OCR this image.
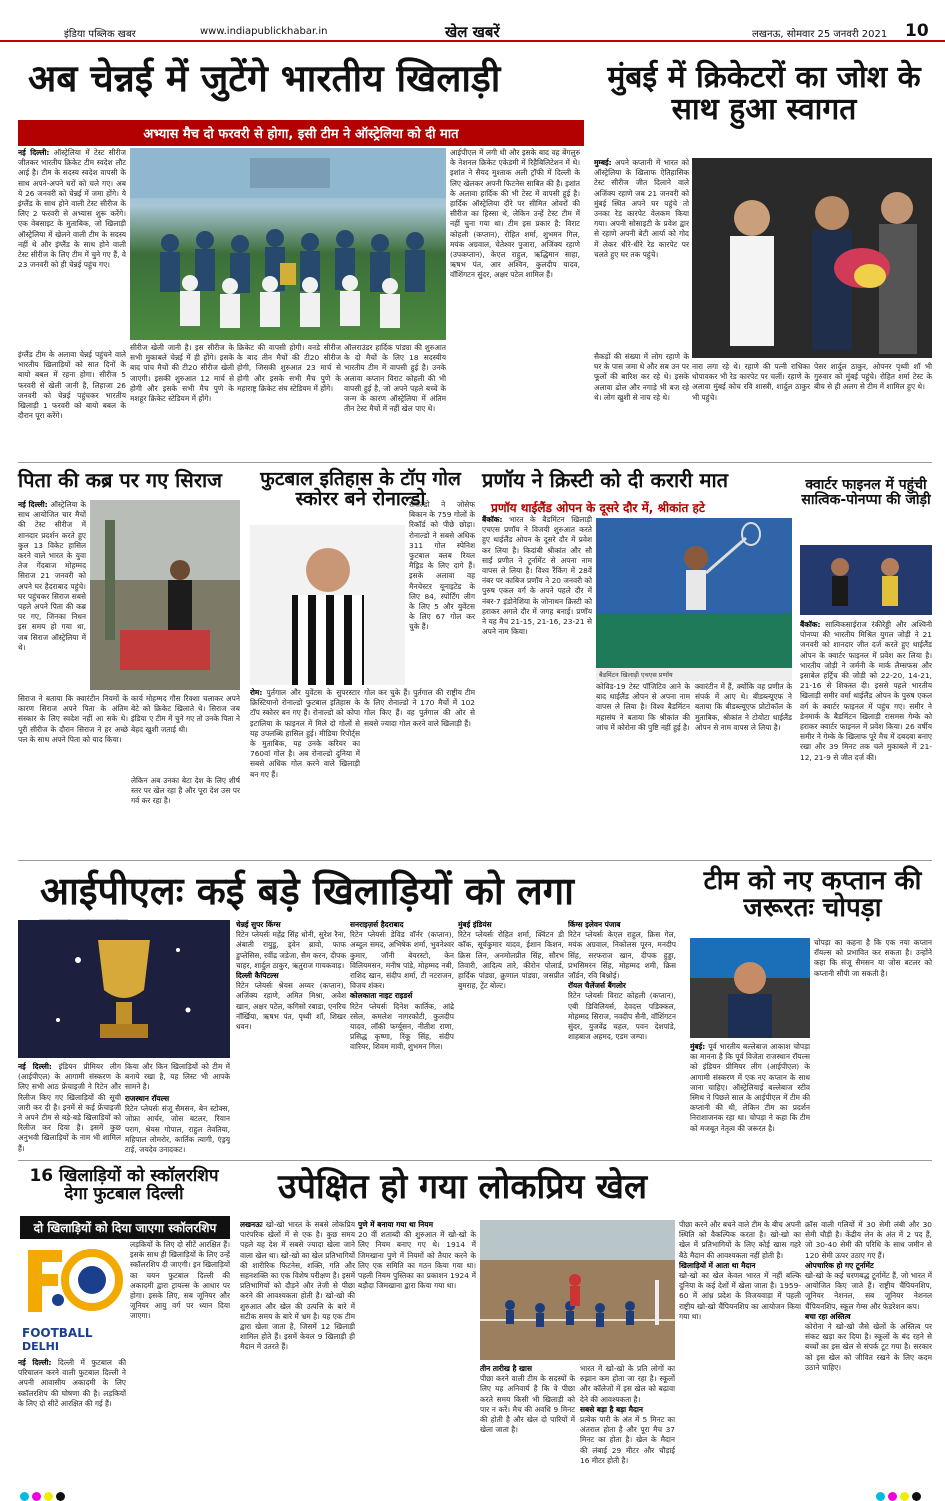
इंडिया पब्लिक खबर	www.indiapublickhabar.in	खेल खबरें	लखनऊ, सोमवार 25 जनवरी 2021 10
अब चेन्नई में जुटेंगे भारतीय खिलाड़ी
अभ्यास मैच दो फरवरी से होगा, इसी टीम ने ऑस्ट्रेलिया को दी मात
नई दिल्ली: ऑस्ट्रेलिया में टेस्ट सीरीज जीतकर भारतीय क्रिकेट टीम स्वदेश लौट आई है। टीम के सदस्य स्वदेश वापसी के साथ अपने-अपने घरों को चले गए। अब ये 26 जनवरी को चेन्नई में जमा होंगे। ये इंग्लैंड के साथ होने वाली टेस्ट सीरीज के लिए 2 फरवरी से अभ्यास शुरू करेंगे। एक वेबसाइट के मुताबिक, जो खिलाड़ी ऑस्ट्रेलिया में खेलने वाली टीम के सदस्य नहीं थे और इंग्लैंड के साथ होने वाली टेस्ट सीरीज के लिए टीम में चुने गए हैं, वे 23 जनवरी को ही चेन्नई पहुंच गए।
इंग्लैंड टीम के अलावा चेन्नई पहुंचने वाले भारतीय खिलाड़ियों को सात दिनों के बायो बबल में रहना होगा। सीरीज 5 फरवरी से खेली जानी है, लिहाजा 26 जनवरी को चेन्नई पहुंचकर भारतीय खिलाड़ी 1 फरवरी को बायो बबल के दौरान पूरा करेंगे।
सीरीज खेली जानी है। इस सीरीज के सभी मुकाबले चेन्नई में ही होंगे। इसके बाद पांच मैचों की टी20 सीरीज खेली जाएगी। इसकी शुरुआत 12 मार्च से होगी और इसके सभी मैच पुणे के मशहूर क्रिकेट स्टेडियम में होंगे।
क्रिकेट की वापसी होगी। वनडे सीरीज के बाद तीन मैचों की टी20 सीरीज होगी, जिसकी शुरुआत 23 मार्च से होगी और इसके सभी मैच पुणे के महाराष्ट्र क्रिकेट संघ स्टेडियम में होंगे।
ऑलराउंडर हार्दिक पांड्या की शुरुआत के दो मैचों के लिए 18 सदस्यीय भारतीय टीम में वापसी हुई है। उनके अलावा कप्तान विराट कोहली की भी वापसी हुई है, जो अपने पहले बच्चे के जन्म के कारण ऑस्ट्रेलिया में अंतिम तीन टेस्ट मैचों में नहीं खेल पाए थे।
आईपीएल में लगी थी और इसके बाद वह बेंगलुरु के नेशनल क्रिकेट एकेडमी में रिहैबिलिटेशन में थे। इशांत ने सैयद मुश्ताक अली ट्रॉफी में दिल्ली के लिए खेलकर अपनी फिटनेस साबित की है। इशांत के अलावा हार्दिक की भी टेस्ट में वापसी हुई है। हार्दिक ऑस्ट्रेलिया दौरे पर सीमित ओवरों की सीरीज का हिस्सा थे, लेकिन उन्हें टेस्ट टीम में नहीं चुना गया था। टीम इस प्रकार है: विराट कोहली (कप्तान), रोहित शर्मा, शुभमन गिल, मयंक अग्रवाल, चेतेश्वर पुजारा, अजिंक्य रहाणे (उपकप्तान), केएल राहुल, ऋद्धिमान साहा, ऋषभ पंत, आर अश्विन, कुलदीप यादव, वॉशिंगटन सुंदर, अक्षर पटेल शामिल हैं।
मुंबई में क्रिकेटरों का जोश के साथ हुआ स्वागत
मुम्बई: अपने कप्तानी में भारत को ऑस्ट्रेलिया के खिलाफ ऐतिहासिक टेस्ट सीरीज जीत दिलाने वाले अजिंक्य रहाणे जब 21 जनवरी को मुंबई स्थित अपने घर पहुंचे तो उनका रेड कारपेट वेलकम किया गया। अपनी सोसाइटी के प्रवेश द्वार से रहाणे अपनी बेटी आर्या को गोद में लेकर धीरे-धीरे रेड कारपेट पर चलते हुए घर तक पहुंचे।
सैकड़ों की संख्या में लोग रहाणे के घर के पास जमा थे और सब उन पर फूलों की बारिश कर रहे थे। इसके अलावा ढोल और नगाड़े भी बज रहे थे। लोग खुशी से नाच रहे थे।
नारा लगा रहे थे। रहाणे की पत्नी राधिका धोपावकर भी रेड कारपेट पर चलीं। रहाणे के अलावा मुंबई कोच रवि शास्त्री, शार्दुल ठाकुर भी पहुंचे।
पेसर शार्दुल ठाकुर, ओपनर पृथ्वी शॉ भी गुरुवार को मुंबई पहुंचे। रोहित शर्मा टेस्ट के बीच से ही अलग से टीम में शामिल हुए थे।
पिता की कब्र पर गए सिराज
नई दिल्ली: ऑस्ट्रेलिया के साथ आयोजित चार मैचों की टेस्ट सीरीज में शानदार प्रदर्शन करते हुए कुल 13 विकेट हासिल करने वाले भारत के युवा तेज गेंदबाज मोहम्मद सिराज 21 जनवरी को अपने घर हैदराबाद पहुंचे। घर पहुंचकर सिराज सबसे पहले अपने पिता की कब्र पर गए, जिनका निधन इस समय हो गया था, जब सिराज ऑस्ट्रेलिया में थे।
सिराज ने बताया कि क्वारंटीन नियमों के कारण सिराज अपने पिता के अंतिम संस्कार के लिए स्वदेश नहीं आ सके थे। पूरी सीरीज के दौरान सिराज ने हर अच्छे पल के साथ अपने पिता को याद किया।
कार्य मोहम्मद गौस रिक्शा चलाकर अपने बेटे को क्रिकेट खिलाते थे। सिराज जब इंडिया ए टीम में चुने गए तो उनके पिता ने बेहद खुशी जताई थी।
लेकिन अब उनका बेटा देश के लिए शीर्ष स्तर पर खेल रहा है और पूरा देश उस पर गर्व कर रहा है।
फुटबाल इतिहास के टॉप गोल स्कोरर बने रोनाल्डो
रोनाल्डो ने जोसेफ बिकान के 759 गोलों के रिकॉर्ड को पीछे छोड़ा। रोनाल्डो ने सबसे अधिक 311 गोल स्पेनिश फुटबाल क्लब रियल मैड्रिड के लिए दागे हैं। इसके अलावा वह मैनचेस्टर यूनाइटेड के लिए 84, स्पोर्टिंग लीग के लिए 5 और युवेंटस के लिए 67 गोल कर चुके हैं।
रोम: पुर्तगाल और युवेंटस के सुपरस्टार क्रिस्टियानो रोनाल्डो फुटबाल इतिहास के टॉप स्कोरर बन गए हैं। रोनाल्डो को कोपा इटालिया के फाइनल में मिले दो गोलों से यह उपलब्धि हासिल हुई। मीडिया रिपोर्ट्स के मुताबिक, यह उनके करियर का 760वां गोल है। अब रोनाल्डो दुनिया में सबसे अधिक गोल करने वाले खिलाड़ी बन गए हैं।
गोल कर चुके हैं। पुर्तगाल की राष्ट्रीय टीम के लिए रोनाल्डो ने 170 मैचों में 102 गोल किए हैं। वह पुर्तगाल की ओर से सबसे ज्यादा गोल करने वाले खिलाड़ी हैं।
प्रणॉय ने क्रिस्टी को दी करारी मात
प्रणॉय थाईलैंड ओपन के दूसरे दौर में, श्रीकांत हटे
बैंकॉक: भारत के बैडमिंटन खिलाड़ी एचएस प्रणॉय ने विजयी शुरुआत करते हुए थाईलैंड ओपन के दूसरे दौर में प्रवेश कर लिया है। किदांबी श्रीकांत और सौ साईं प्रणीत ने टूर्नामेंट से अपना नाम वापस ले लिया है। विश्व रैंकिंग में 28वें नंबर पर काबिज प्रणॉय ने 20 जनवरी को पुरुष एकल वर्ग के अपने पहले दौर में नंबर-7 इंडोनेशिया के जोनाथन क्रिस्टी को हराकर अगले दौर में जगह बनाई। प्रणॉय ने यह मैच 21-15, 21-16, 23-21 से अपने नाम किया।
बैडमिंटन खिलाड़ी एचएस प्रणॉय
कोविड-19 टेस्ट पॉजिटिव आने के बाद थाईलैंड ओपन से अपना नाम वापस ले लिया है। विश्व बैडमिंटन महासंघ ने बताया कि श्रीकांत की जांच में कोरोना की पुष्टि नहीं हुई है।
क्वारंटीन में हैं, क्योंकि वह प्रणीत के संपर्क में आए थे। बीडब्ल्यूएफ ने बताया कि बीडब्ल्यूएफ प्रोटोकॉल के मुताबिक, श्रीकांत ने टोयोटा थाईलैंड ओपन से नाम वापस ले लिया है।
क्वार्टर फाइनल में पहुंची सात्विक-पोनप्पा की जोड़ी
बैंकॉक: सात्विकसाईराज रंकीरेड्डी और अश्विनी पोनप्पा की भारतीय मिश्रित युगल जोड़ी ने 21 जनवरी को शानदार जीत दर्ज करते हुए थाईलैंड ओपन के क्वार्टर फाइनल में प्रवेश कर लिया है। भारतीय जोड़ी ने जर्मनी के मार्क लैम्सफस और इसाबेल हर्ट्रिच की जोड़ी को 22-20, 14-21, 21-16 से शिकस्त दी। इससे पहले भारतीय खिलाड़ी समीर वर्मा थाईलैंड ओपन के पुरुष एकल वर्ग के क्वार्टर फाइनल में पहुंच गए। समीर ने डेनमार्क के बैडमिंटन खिलाड़ी रासमस गेम्के को हराकर क्वार्टर फाइनल में प्रवेश किया। 26 वर्षीय समीर ने गेम्के के खिलाफ पूरे मैच में दबदबा बनाए रखा और 39 मिनट तक चले मुकाबले में 21-12, 21-9 से जीत दर्ज की।
आईपीएलः कई बड़े खिलाड़ियों को लगा
नई दिल्ली: इंडियन प्रीमियर लीग (आईपीएल) के आगामी संस्करण के लिए सभी आठ फ्रेंचाइजी ने रिटेन और रिलीज किए गए खिलाड़ियों की सूची जारी कर दी है। इनमें से कई फ्रेंचाइजी ने अपने टीम से बड़े-बड़े खिलाड़ियों को रिलीज कर दिया है। इसमें कुछ अनुभवी खिलाड़ियों के नाम भी शामिल हैं।
किया और किन खिलाड़ियों को टीम में बनाये रखा है, यह लिस्ट भी आपके सामने है।
राजस्थान रॉयल्स
रिटेन प्लेयर्सः संजू सैमसन, बेन स्टोक्स, जोफ्रा आर्चर, जोस बटलर, रियान पराग, श्रेयस गोपाल, राहुल तेवतिया, महिपाल लोमरोर, कार्तिक त्यागी, एंड्रयू टाई, जयदेव उनादकट।
चेन्नई सुपर किंग्स
रिटेन प्लेयर्सः महेंद्र सिंह धोनी, सुरेश रैना, अंबाती रायुडू, ड्वेन ब्रावो, फाफ डुप्लेसिस, रवींद्र जडेजा, सैम करन, दीपक चाहर, शार्दुल ठाकुर, ऋतुराज गायकवाड़।
दिल्ली कैपिटल्स
रिटेन प्लेयर्सः श्रेयस अय्यर (कप्तान), अजिंक्य रहाणे, अमित मिश्रा, अवेश खान, अक्षर पटेल, कगिसो रबाडा, एनरिच नॉर्खिया, ऋषभ पंत, पृथ्वी शॉ, शिखर धवन।
सनराइज़र्स हैदराबाद
रिटेन प्लेयर्सः डेविड वॉर्नर (कप्तान), अब्दुल समद, अभिषेक शर्मा, भुवनेश्वर कुमार, जॉनी बेयरस्टो, केन विलियमसन, मनीष पांडे, मोहम्मद नबी, राशिद खान, संदीप शर्मा, टी नटराजन, विजय शंकर।
कोलकाता नाइट राइडर्स
रिटेन प्लेयर्सः दिनेश कार्तिक, आंद्रे रसेल, कमलेश नागरकोटी, कुलदीप यादव, लॉकी फर्ग्यूसन, नीतीश राणा, प्रसिद्ध कृष्णा, रिंकू सिंह, संदीप वारियर, शिवम मावी, शुभमन गिल।
मुंबई इंडियंस
रिटेन प्लेयर्सः रोहित शर्मा, क्विंटन डी कॉक, सूर्यकुमार यादव, ईशान किशन, क्रिस लिन, अनमोलप्रीत सिंह, सौरभ तिवारी, आदित्य तारे, कीरोन पोलार्ड, हार्दिक पांड्या, क्रुणाल पांड्या, जसप्रीत बुमराह, ट्रेंट बोल्ट।
किंग्स इलेवन पंजाब
रिटेन प्लेयर्सः केएल राहुल, क्रिस गेल, मयंक अग्रवाल, निकोलस पूरन, मनदीप सिंह, सरफराज खान, दीपक हुड्डा, प्रभसिमरन सिंह, मोहम्मद शमी, क्रिस जॉर्डन, रवि बिश्नोई।
रॉयल चैलेंजर्स बैंगलोर
रिटेन प्लेयर्सः विराट कोहली (कप्तान), एबी डिविलियर्स, देवदत्त पडिक्कल, मोहम्मद सिराज, नवदीप सैनी, वॉशिंगटन सुंदर, युजवेंद्र चहल, पवन देशपांडे, शाहबाज अहमद, एडम जम्पा।
टीम को नए कप्तान की जरूरतः चोपड़ा
चोपड़ा का कहना है कि एक नया कप्तान रॉयल्स को प्रभावित कर सकता है। उन्होंने कहा कि संजू सैमसन या जोस बटलर को कप्तानी सौंपी जा सकती है।
मुंबई: पूर्व भारतीय बल्लेबाज आकाश चोपड़ा का मानना है कि पूर्व विजेता राजस्थान रॉयल्स को इंडियन प्रीमियर लीग (आईपीएल) के आगामी संस्करण में एक नए कप्तान के साथ जाना चाहिए। ऑस्ट्रेलियाई बल्लेबाज स्टीव स्मिथ ने पिछले साल के आईपीएल में टीम की कप्तानी की थी, लेकिन टीम का प्रदर्शन निराशाजनक रहा था। चोपड़ा ने कहा कि टीम को मजबूत नेतृत्व की जरूरत है।
16 खिलाड़ियों को स्कॉलरशिप देगा फुटबाल दिल्ली
दो खिलाड़ियों को दिया जाएगा स्कॉलरशिप
FOOTBALL
DELHI
लड़कियों के लिए दो सीटें आरक्षित हैं। इसके साथ ही खिलाड़ियों के लिए उन्हें स्कॉलरशिप दी जाएगी। इन खिलाड़ियों का चयन फुटबाल दिल्ली की अकादमी द्वारा ट्रायल्स के आधार पर होगा। इसके लिए, सब जूनियर और जूनियर आयु वर्ग पर ध्यान दिया जाएगा।
नई दिल्ली: दिल्ली में फुटबाल की परिचालन करने वाली फुटबाल दिल्ली ने अपनी आवासीय अकादमी के लिए स्कॉलरशिप की घोषणा की है। लड़कियों के लिए दो सीटें आरक्षित की गई हैं।
उपेक्षित हो गया लोकप्रिय खेल
लखनऊः खो-खो भारत के सबसे लोकप्रिय पारंपरिक खेलों में से एक है। कुछ समय पहले यह देश में सबसे ज्यादा खेला जाने वाला खेल था। खो-खो का खेल प्रतिभागियों की शारीरिक फिटनेस, शक्ति, गति और सहनशक्ति का एक विशेष परीक्षण है। इसमें प्रतिभागियों को दौड़ने और तेजी से पीछा करने की आवश्यकता होती है। खो-खो की शुरुआत और खेल की उत्पत्ति के बारे में सटीक समय के बारे में भ्रम है। यह एक टीम द्वारा खेला जाता है, जिसमें 12 खिलाड़ी शामिल होते हैं। इसमें केवल 9 खिलाड़ी ही मैदान में उतरते हैं।
पुणे में बनाया गया था नियम
20 वीं शताब्दी की शुरुआत में खो-खो के लिए नियम बनाए गए थे। 1914 में जिमखाना पुणे में नियमों को तैयार करने के लिए एक समिति का गठन किया गया था। पहली नियम पुस्तिका का प्रकाशन 1924 में बड़ौदा जिमखाना द्वारा किया गया था।
तीन तारीख है खास
पीछा करने वाली टीम के सदस्यों के लिए यह अनिवार्य है कि वे पीछा करते समय किसी भी खिलाड़ी को पार न करें। मैच की अवधि 9 मिनट की होती है और खेल दो पारियों में खेला जाता है।
भारत में खो-खो के प्रति लोगों का रुझान कम होता जा रहा है। स्कूलों और कॉलेजों में इस खेल को बढ़ावा देने की आवश्यकता है।
सबसे बड़ा है बड़ा मैदान
प्रत्येक पारी के अंत में 5 मिनट का अंतराल होता है और पूरा मैच 37 मिनट का होता है। खेल के मैदान की लंबाई 29 मीटर और चौड़ाई 16 मीटर होती है।
पीछा करने और बचने वाले टीम के बीच अपनी स्थिति को वैकल्पिक करता है। खो-खो का खेल में प्रतिभागियों के लिए कोई खास गहरे बैठे मैदान की आवश्यकता नहीं होती है।
खिलाड़ियों में आता था मैदान
खो-खो का खेल केवल भारत में नहीं बल्कि दुनिया के कई देशों में खेला जाता है। 1959-60 में आंध्र प्रदेश के विजयवाड़ा में पहली राष्ट्रीय खो-खो चैंपियनशिप का आयोजन किया गया था।
क्रॉस वाली गलियों में 30 सेमी लंबी और 30 सेमी चौड़ी है। केंद्रीय लेन के अंत में 2 पद हैं, जो 30-40 सेमी की परिधि के साथ जमीन से 120 सेमी ऊपर उठाए गए हैं।
ओपचारिक हो गए टूर्नामेंट
खो-खो के कई चरणबद्ध टूर्नामेंट हैं, जो भारत में आयोजित किए जाते हैं। राष्ट्रीय चैंपियनशिप, जूनियर नेशनल, सब जूनियर नेशनल चैंपियनशिप, स्कूल गेम्स और फेडरेशन कप।
बचा रहा अस्तित्व
कोरोना ने खो-खो जैसे खेलों के अस्तित्व पर संकट खड़ा कर दिया है। स्कूलों के बंद रहने से बच्चों का इस खेल से संपर्क टूट गया है। सरकार को इस खेल को जीवित रखने के लिए कदम उठाने चाहिए।
